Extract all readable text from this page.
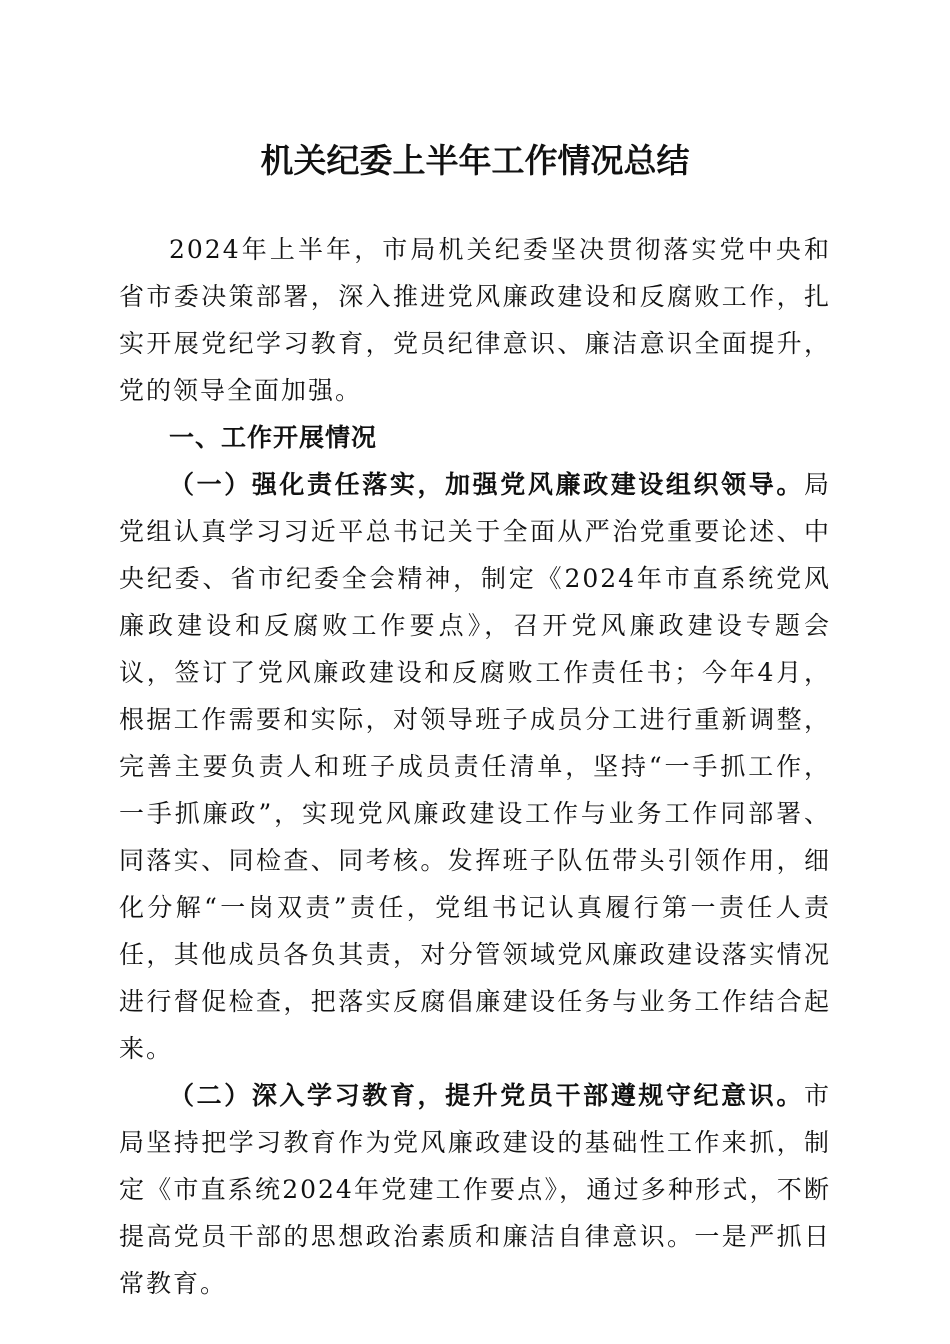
机关纪委上半年工作情况总结

2024年上半年，市局机关纪委坚决贯彻落实党中央和省市委决策部署，深入推进党风廉政建设和反腐败工作，扎实开展党纪学习教育，党员纪律意识、廉洁意识全面提升，党的领导全面加强。

一、工作开展情况

（一）强化责任落实，加强党风廉政建设组织领导。局党组认真学习习近平总书记关于全面从严治党重要论述、中央纪委、省市纪委全会精神，制定《2024年市直系统党风廉政建设和反腐败工作要点》，召开党风廉政建设专题会议，签订了党风廉政建设和反腐败工作责任书；今年4月，根据工作需要和实际，对领导班子成员分工进行重新调整，完善主要负责人和班子成员责任清单，坚持“一手抓工作，一手抓廉政”，实现党风廉政建设工作与业务工作同部署、同落实、同检查、同考核。发挥班子队伍带头引领作用，细化分解“一岗双责”责任，党组书记认真履行第一责任人责任，其他成员各负其责，对分管领域党风廉政建设落实情况进行督促检查，把落实反腐倡廉建设任务与业务工作结合起来。

（二）深入学习教育，提升党员干部遵规守纪意识。市局坚持把学习教育作为党风廉政建设的基础性工作来抓，制定《市直系统2024年党建工作要点》，通过多种形式，不断提高党员干部的思想政治素质和廉洁自律意识。一是严抓日常教育。
